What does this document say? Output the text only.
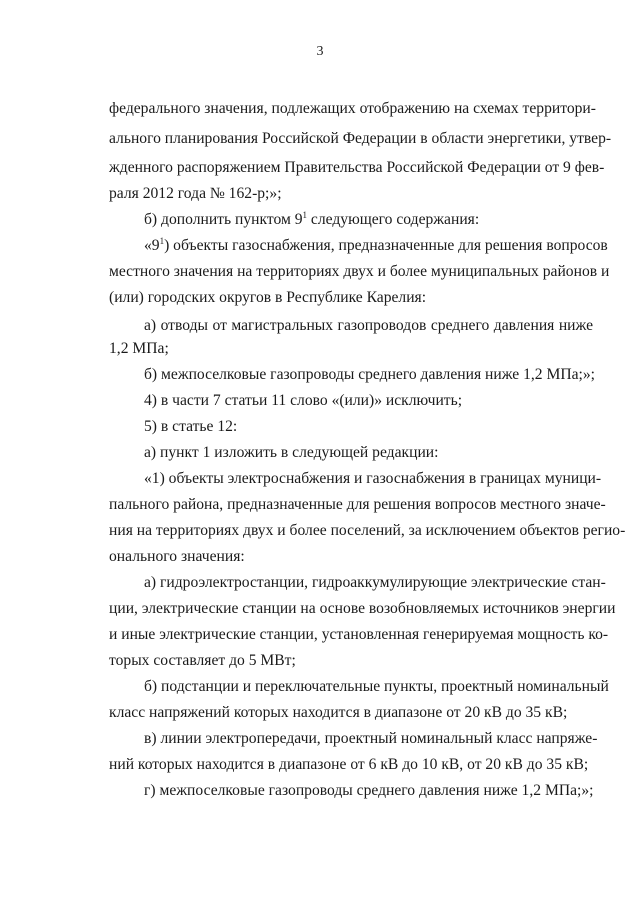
3

федерального значения, подлежащих отображению на схемах территори-

ального планирования Российской Федерации в области энергетики, утвер-

жденного распоряжением Правительства Российской Федерации от 9 фев-

раля 2012 года № 162-р;»;

б) дополнить пунктом $9^1$ следующего содержания:

«$9^1$) объекты газоснабжения, предназначенные для решения вопросов

местного значения на территориях двух и более муниципальных районов и

(или) городских округов в Республике Карелия:

а) отводы от магистральных газопроводов среднего давления ниже

1,2 МПа;

б) межпоселковые газопроводы среднего давления ниже 1,2 МПа;»;

4) в части 7 статьи 11 слово «(или)» исключить;

5) в статье 12:

а) пункт 1 изложить в следующей редакции:

«1) объекты электроснабжения и газоснабжения в границах муници-

пального района, предназначенные для решения вопросов местного значе-

ния на территориях двух и более поселений, за исключением объектов регио-

онального значения:

а) гидроэлектростанции, гидроаккумулирующие электрические стан-

ции, электрические станции на основе возобновляемых источников энергии

и иные электрические станции, установленная генерируемая мощность ко-

торых составляет до 5 МВт;

б) подстанции и переключательные пункты, проектный номинальный

класс напряжений которых находится в диапазоне от 20 кВ до 35 кВ;

в) линии электропередачи, проектный номинальный класс напряже-

ний которых находится в диапазоне от 6 кВ до 10 кВ, от 20 кВ до 35 кВ;

г) межпоселковые газопроводы среднего давления ниже 1,2 МПа;»;
